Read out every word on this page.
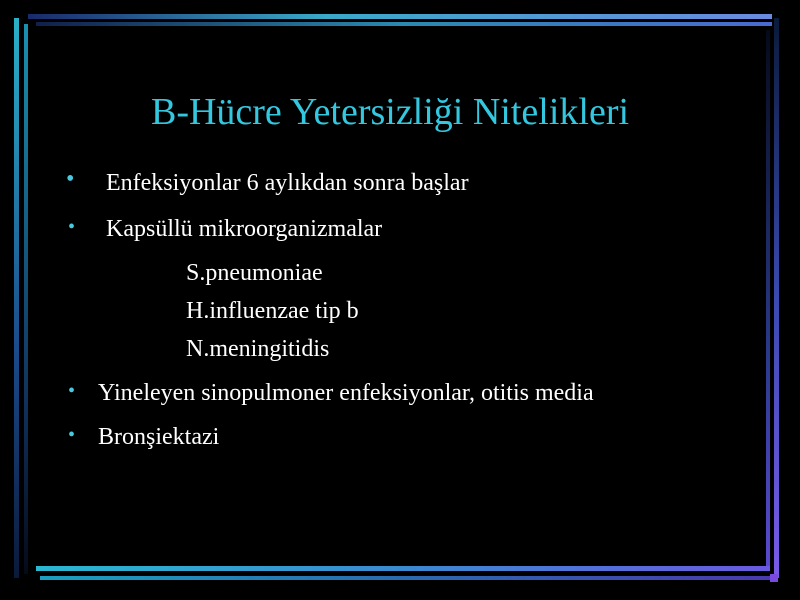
B-Hücre Yetersizliği Nitelikleri
• Enfeksiyonlar 6 aylıkdan sonra başlar
• Kapsüllü mikroorganizmalar
S.pneumoniae
H.influenzae tip b
N.meningitidis
• Yineleyen sinopulmoner enfeksiyonlar, otitis media
• Bronşiektazi
